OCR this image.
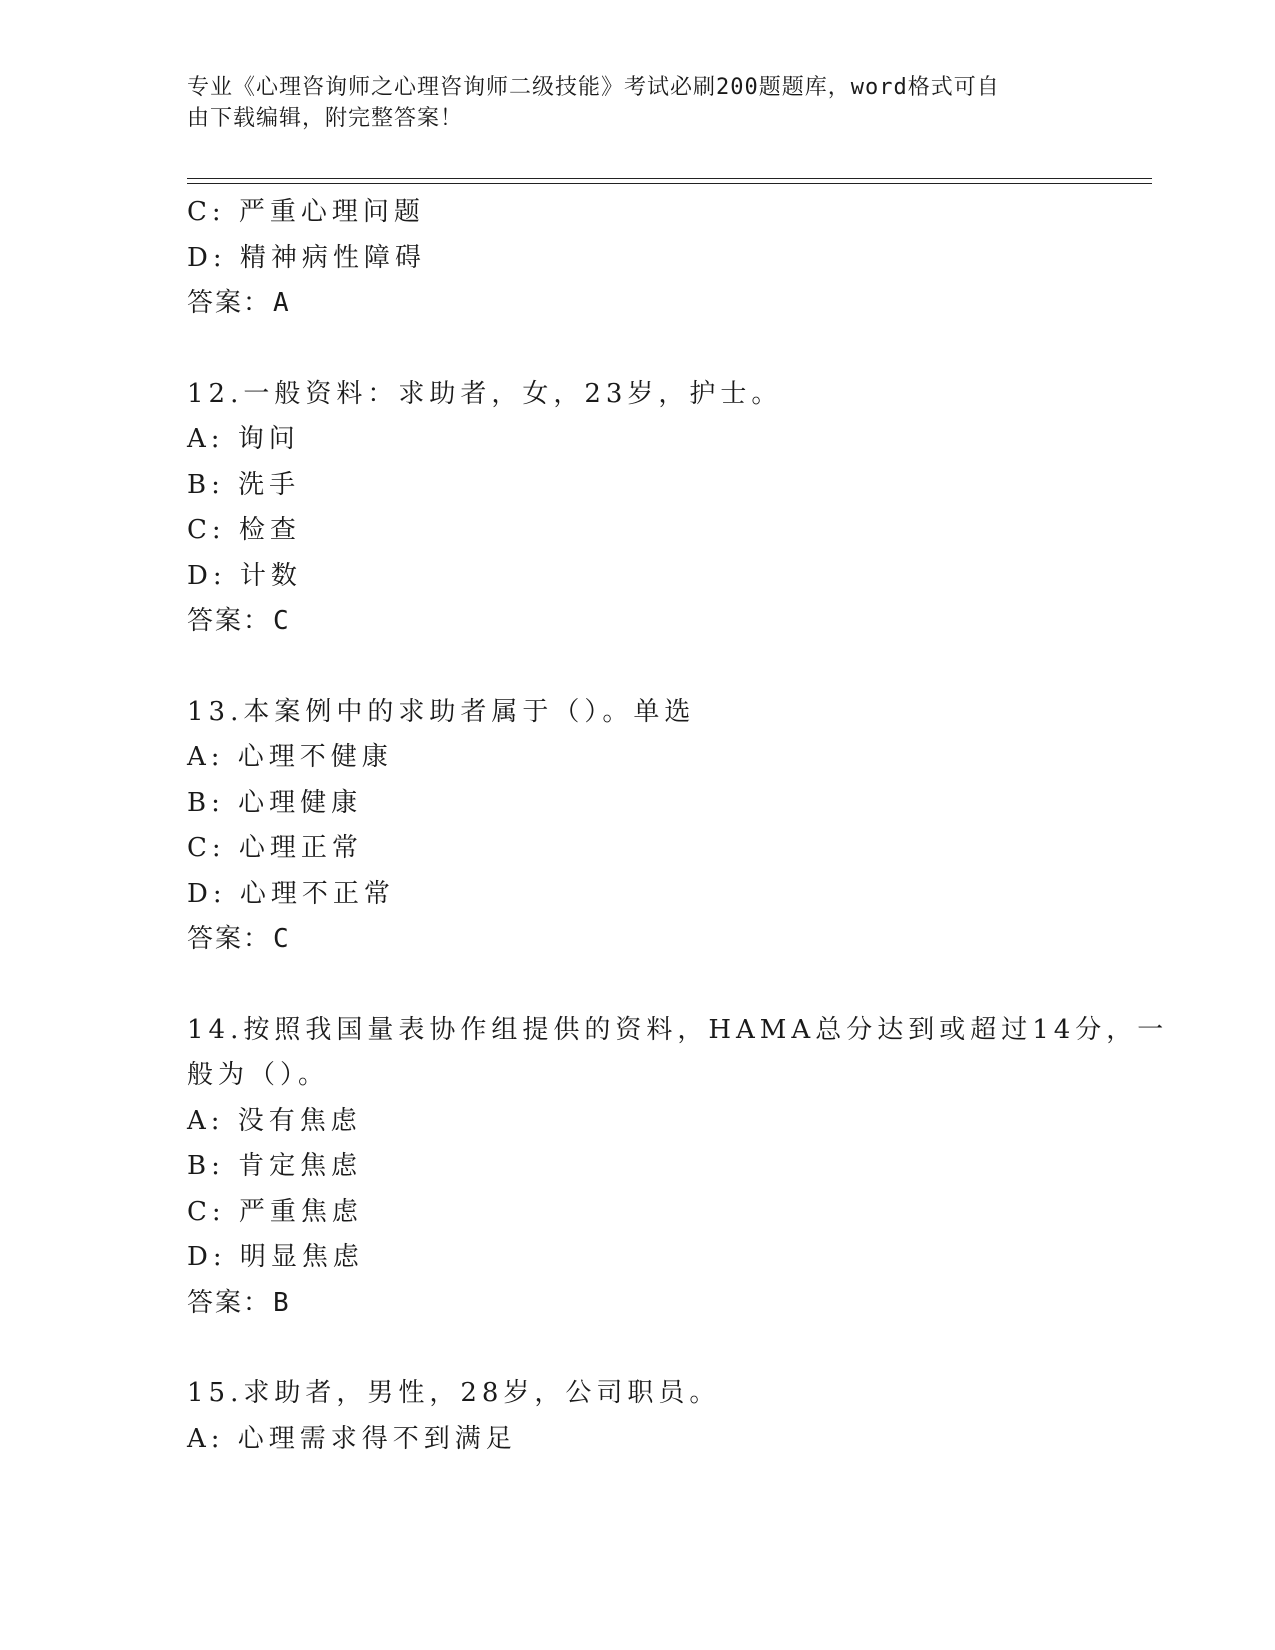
专业《心理咨询师之心理咨询师二级技能》考试必刷200题题库，word格式可自
由下载编辑，附完整答案！
C: 严重心理问题
D: 精神病性障碍
答案：A
12.一般资料：求助者，女，23岁，护士。
A: 询问
B: 洗手
C: 检查
D: 计数
答案：C
13.本案例中的求助者属于（）。单选
A: 心理不健康
B: 心理健康
C: 心理正常
D: 心理不正常
答案：C
14.按照我国量表协作组提供的资料，HAMA总分达到或超过14分，一
般为（）。
A: 没有焦虑
B: 肯定焦虑
C: 严重焦虑
D: 明显焦虑
答案：B
15.求助者，男性，28岁，公司职员。
A: 心理需求得不到满足
